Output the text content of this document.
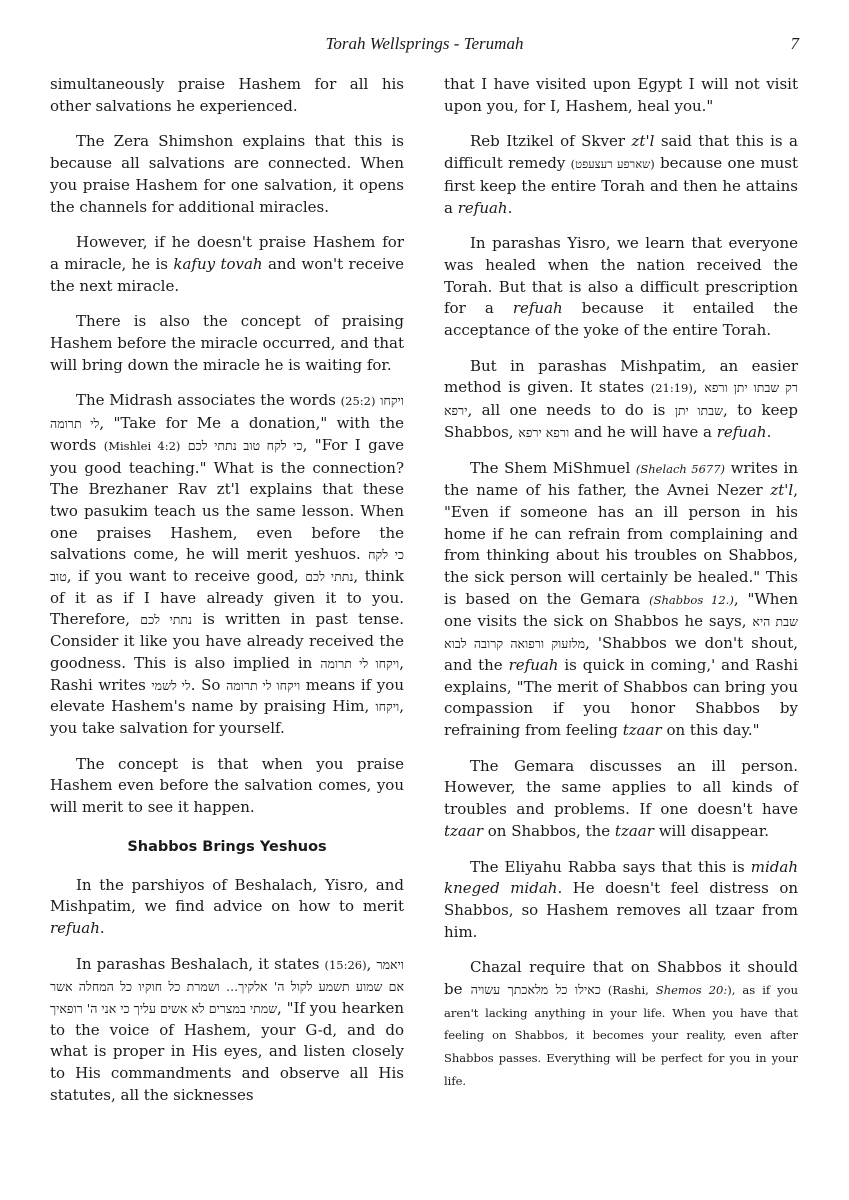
Torah Wellsprings - Terumah	7

simultaneously praise Hashem for all his other salvations he experienced.

The Zera Shimshon explains that this is because all salvations are connected. When you praise Hashem for one salvation, it opens the channels for additional miracles.

However, if he doesn't praise Hashem for a miracle, he is kafuy tovah and won't receive the next miracle.

There is also the concept of praising Hashem before the miracle occurred, and that will bring down the miracle he is waiting for.

The Midrash associates the words (25:2) ויקחו לי תרומה, "Take for Me a donation," with the words (Mishlei 4:2) כי לקח טוב נתתי לכם, "For I gave you good teaching." What is the connection? The Brezhaner Rav zt'l explains that these two pasukim teach us the same lesson. When one praises Hashem, even before the salvations come, he will merit yeshuos. כי לקח טוב, if you want to receive good, נתתי לכם, think of it as if I have already given it to you. Therefore, נתתי לכם is written in past tense. Consider it like you have already received the goodness. This is also implied in ויקחו לי תרומה, Rashi writes לי לשמי. So ויקחו לי תרומה means if you elevate Hashem's name by praising Him, ויקחו, you take salvation for yourself.

The concept is that when you praise Hashem even before the salvation comes, you will merit to see it happen.

Shabbos Brings Yeshuos

In the parshiyos of Beshalach, Yisro, and Mishpatim, we find advice on how to merit refuah.

In parashas Beshalach, it states (15:26), ויאמר אם שמוע תשמע לקול ה' אלקיך... ושמרת כל חוקיו כל המחלה אשר שמתי במצרים לא אשים עליך כי אני ה' רופאיך, "If you hearken to the voice of Hashem, your G-d, and do what is proper in His eyes, and listen closely to His commandments and observe all His statutes, all the sicknesses

that I have visited upon Egypt I will not visit upon you, for I, Hashem, heal you."

Reb Itzikel of Skver zt'l said that this is a difficult remedy (שארפע רעצעפט) because one must first keep the entire Torah and then he attains a refuah.

In parashas Yisro, we learn that everyone was healed when the nation received the Torah. But that is also a difficult prescription for a refuah because it entailed the acceptance of the yoke of the entire Torah.

But in parashas Mishpatim, an easier method is given. It states (21:19), רק שבתו יתן ורפא ירפא, all one needs to do is שבתו יתן, to keep Shabbos, ורפא ירפא and he will have a refuah.

The Shem MiShmuel (Shelach 5677) writes in the name of his father, the Avnei Nezer zt'l, "Even if someone has an ill person in his home if he can refrain from complaining and from thinking about his troubles on Shabbos, the sick person will certainly be healed." This is based on the Gemara (Shabbos 12.), "When one visits the sick on Shabbos he says, שבת היא מלזעוק ורפואה קרובה לבוא, 'Shabbos we don't shout, and the refuah is quick in coming,' and Rashi explains, "The merit of Shabbos can bring you compassion if you honor Shabbos by refraining from feeling tzaar on this day."

The Gemara discusses an ill person. However, the same applies to all kinds of troubles and problems. If one doesn't have tzaar on Shabbos, the tzaar will disappear.

The Eliyahu Rabba says that this is midah kneged midah. He doesn't feel distress on Shabbos, so Hashem removes all tzaar from him.

Chazal require that on Shabbos it should be כאילו כל מלאכתך עשויה (Rashi, Shemos 20:), as if you aren't lacking anything in your life. When you have that feeling on Shabbos, it becomes your reality, even after Shabbos passes. Everything will be perfect for you in your life.
